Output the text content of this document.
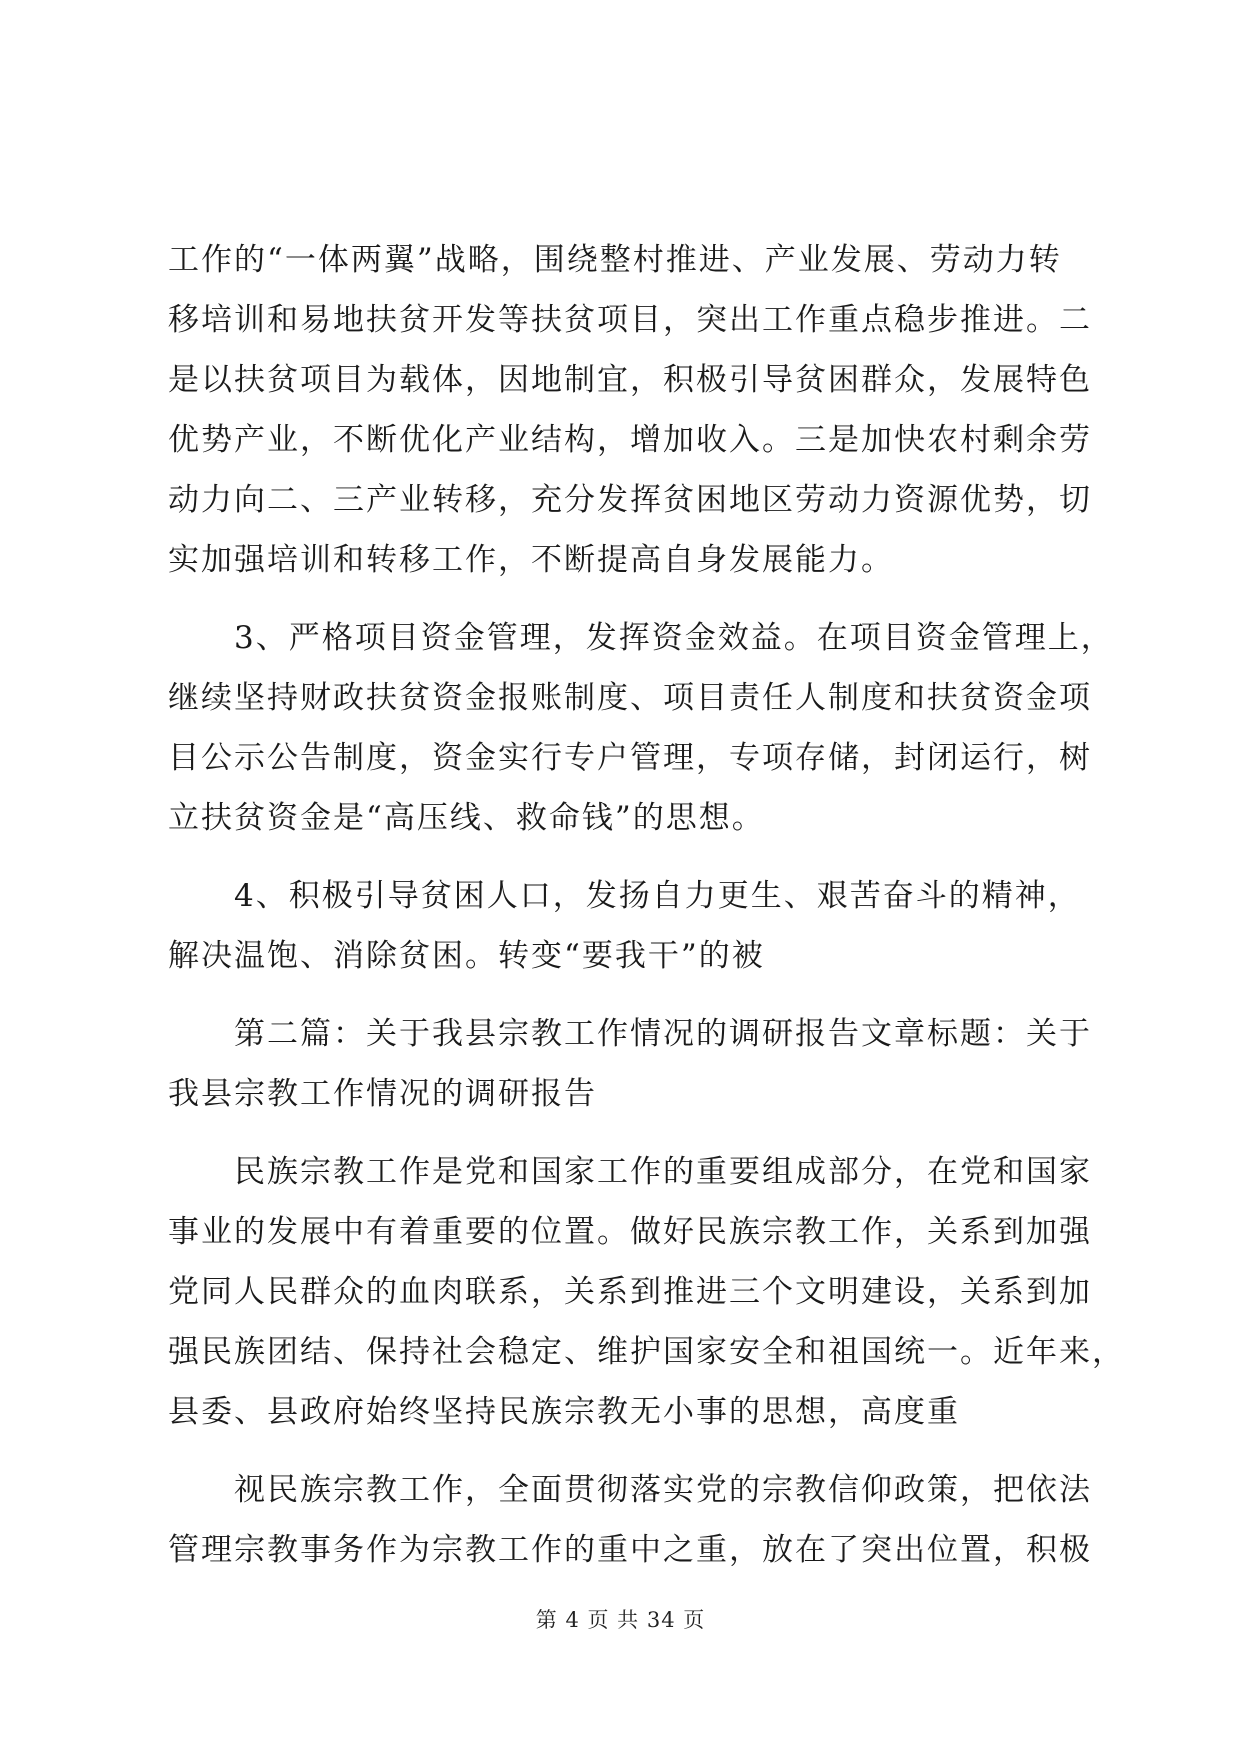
工作的“一体两翼”战略，围绕整村推进、产业发展、劳动力转
移培训和易地扶贫开发等扶贫项目，突出工作重点稳步推进。二
是以扶贫项目为载体，因地制宜，积极引导贫困群众，发展特色
优势产业，不断优化产业结构，增加收入。三是加快农村剩余劳
动力向二、三产业转移，充分发挥贫困地区劳动力资源优势，切
实加强培训和转移工作，不断提高自身发展能力。
3、严格项目资金管理，发挥资金效益。在项目资金管理上，
继续坚持财政扶贫资金报账制度、项目责任人制度和扶贫资金项
目公示公告制度，资金实行专户管理，专项存储，封闭运行，树
立扶贫资金是“高压线、救命钱”的思想。
4、积极引导贫困人口，发扬自力更生、艰苦奋斗的精神，
解决温饱、消除贫困。转变“要我干”的被
第二篇：关于我县宗教工作情况的调研报告文章标题：关于
我县宗教工作情况的调研报告
民族宗教工作是党和国家工作的重要组成部分，在党和国家
事业的发展中有着重要的位置。做好民族宗教工作，关系到加强
党同人民群众的血肉联系，关系到推进三个文明建设，关系到加
强民族团结、保持社会稳定、维护国家安全和祖国统一。近年来，
县委、县政府始终坚持民族宗教无小事的思想，高度重
视民族宗教工作，全面贯彻落实党的宗教信仰政策，把依法
管理宗教事务作为宗教工作的重中之重，放在了突出位置，积极
第 4 页 共 34 页
